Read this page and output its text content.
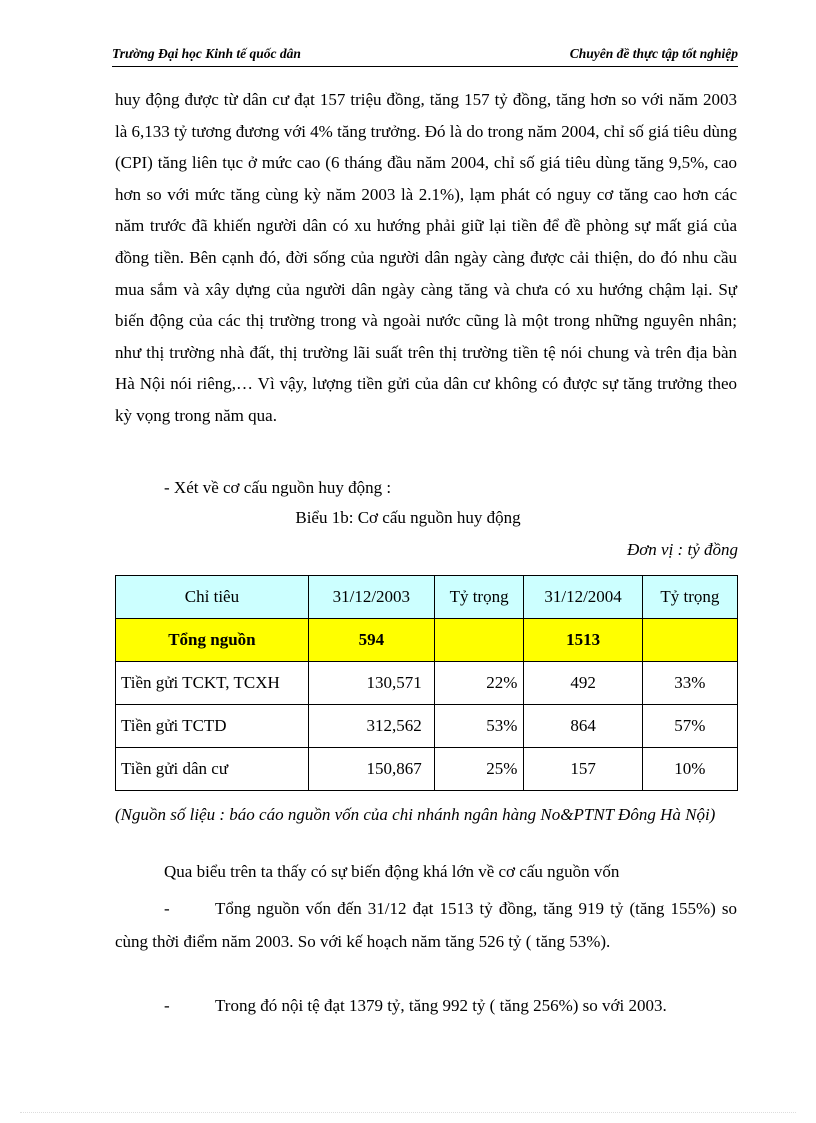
Trường Đại học Kinh tế quốc dân	Chuyên đề thực tập tốt nghiệp
huy động được từ dân cư đạt 157 triệu đồng, tăng 157 tỷ đồng, tăng hơn so với năm 2003 là 6,133 tỷ tương đương với 4% tăng trưởng. Đó là do trong năm 2004, chỉ số giá tiêu dùng (CPI) tăng liên tục ở mức cao (6 tháng đầu năm 2004, chỉ số giá tiêu dùng tăng 9,5%, cao hơn so với mức tăng cùng kỳ năm 2003 là 2.1%), lạm phát có nguy cơ tăng cao hơn các năm trước đã khiến người dân có xu hướng phải giữ lại tiền để đề phòng sự mất giá của đồng tiền. Bên cạnh đó, đời sống của người dân ngày càng được cải thiện, do đó nhu cầu mua sắm và xây dựng của người dân ngày càng tăng và chưa có xu hướng chậm lại. Sự biến động của các thị trường trong và ngoài nước cũng là một trong những nguyên nhân; như thị trường nhà đất, thị trường lãi suất trên thị trường tiền tệ nói chung và trên địa bàn Hà Nội nói riêng,… Vì vậy, lượng tiền gửi của dân cư không có được sự tăng trưởng theo kỳ vọng trong năm qua.
- Xét về cơ cấu nguồn huy động :
Biểu 1b: Cơ cấu nguồn huy động
Đơn vị : tỷ đồng
Chỉ tiêu	31/12/2003	Tỷ trọng	31/12/2004	Tỷ trọng
Tổng nguồn	594		1513	
Tiền gửi TCKT, TCXH	130,571	22%	492	33%
Tiền gửi TCTD	312,562	53%	864	57%
Tiền gửi dân cư	150,867	25%	157	10%
(Nguồn số liệu : báo cáo nguồn vốn của chi nhánh ngân hàng No&PTNT Đông Hà Nội)
Qua biểu trên ta thấy có sự biến động khá lớn về cơ cấu nguồn vốn
-	Tổng nguồn vốn đến 31/12 đạt 1513 tỷ đồng, tăng 919 tỷ (tăng 155%) so cùng thời điểm năm 2003. So với kế hoạch năm tăng 526 tỷ ( tăng 53%).
-	Trong đó nội tệ đạt 1379 tỷ, tăng 992 tỷ ( tăng 256%) so với 2003.
